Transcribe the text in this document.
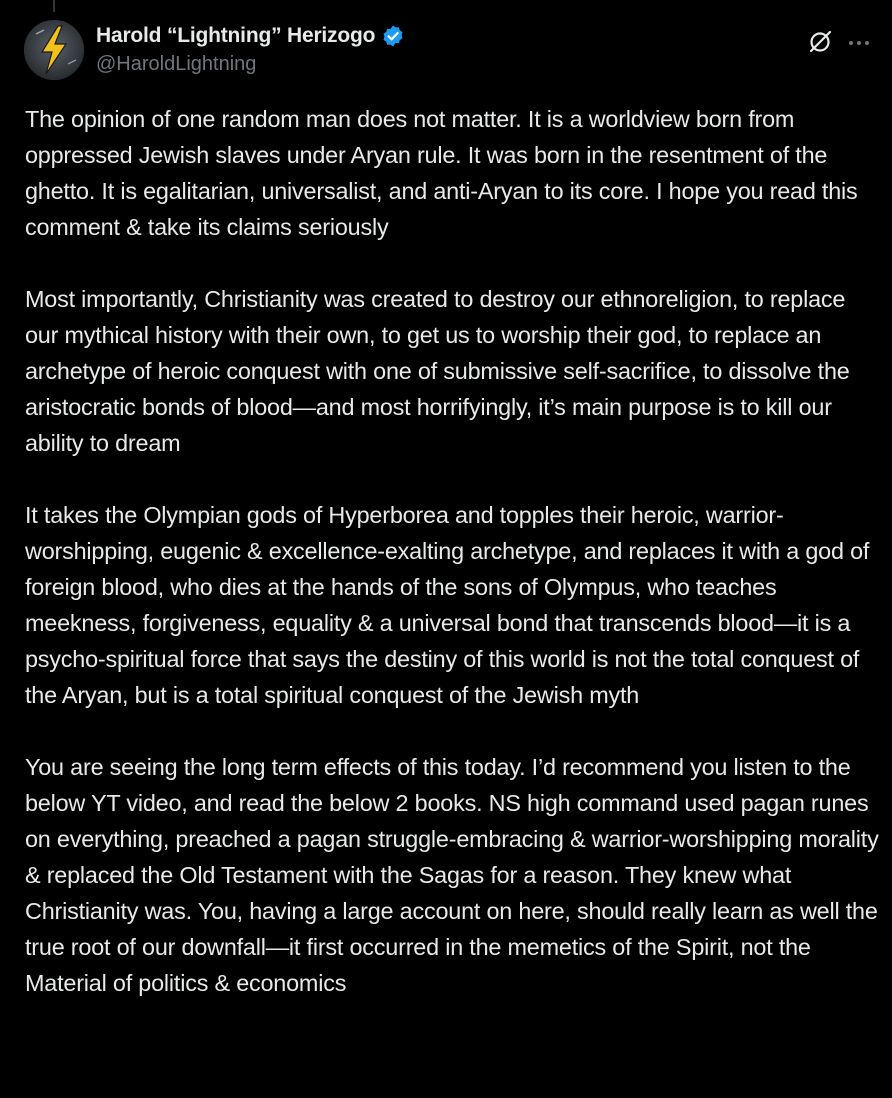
Harold “Lightning” Herizogo
@HaroldLightning

The opinion of one random man does not matter. It is a worldview born from oppressed Jewish slaves under Aryan rule. It was born in the resentment of the ghetto. It is egalitarian, universalist, and anti-Aryan to its core. I hope you read this comment & take its claims seriously

Most importantly, Christianity was created to destroy our ethnoreligion, to replace our mythical history with their own, to get us to worship their god, to replace an archetype of heroic conquest with one of submissive self-sacrifice, to dissolve the aristocratic bonds of blood—and most horrifyingly, it’s main purpose is to kill our ability to dream

It takes the Olympian gods of Hyperborea and topples their heroic, warrior-worshipping, eugenic & excellence-exalting archetype, and replaces it with a god of foreign blood, who dies at the hands of the sons of Olympus, who teaches meekness, forgiveness, equality & a universal bond that transcends blood—it is a psycho-spiritual force that says the destiny of this world is not the total conquest of the Aryan, but is a total spiritual conquest of the Jewish myth

You are seeing the long term effects of this today. I’d recommend you listen to the below YT video, and read the below 2 books. NS high command used pagan runes on everything, preached a pagan struggle-embracing & warrior-worshipping morality & replaced the Old Testament with the Sagas for a reason. They knew what Christianity was. You, having a large account on here, should really learn as well the true root of our downfall—it first occurred in the memetics of the Spirit, not the Material of politics & economics
